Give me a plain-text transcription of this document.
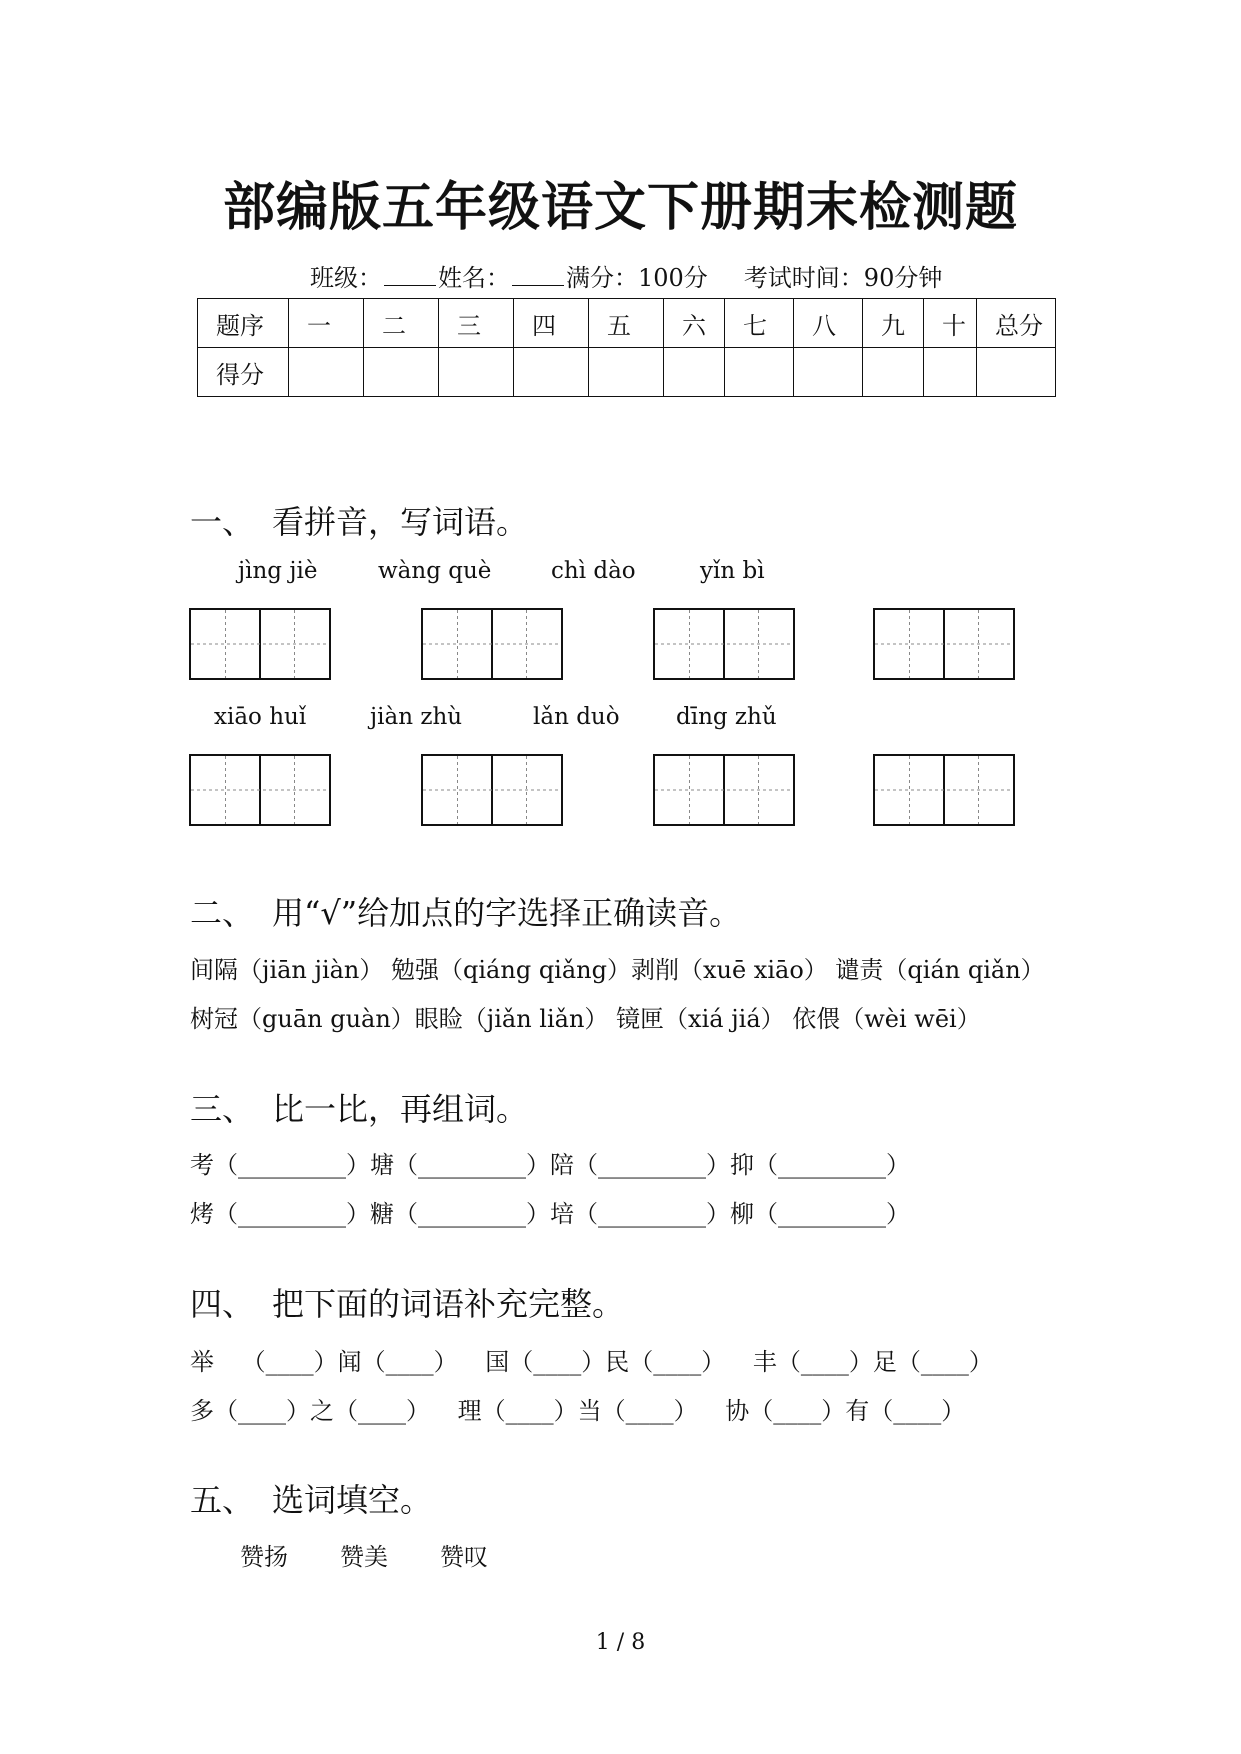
部编版五年级语文下册期末检测题
班级： 姓名： 满分：100分 考试时间：90分钟
题序	一	二	三	四	五	六	七	八	九	十	总分
得分											
一、 看拼音，写词语。
jìng jiè	wàng què	chì dào	yǐn bì
xiāo huǐ	jiàn zhù	lǎn duò dīng zhǔ
二、 用“√”给加点的字选择正确读音。
间隔（jiān jiàn） 勉强（qiáng qiǎng）剥削（xuē xiāo） 谴责（qián qiǎn）
树冠（guān guàn）眼睑（jiǎn liǎn） 镜匣（xiá jiá） 依偎（wèi wēi）
三、 比一比，再组词。
考（_________）塘（_________）陪（_________）抑（_________）
烤（_________）糖（_________）培（_________）柳（_________）
四、 把下面的词语补充完整。
举 （____）闻（____） 国（____）民（____） 丰（____）足（____）
多（____）之（____） 理（____）当（____） 协（____）有（____）
五、 选词填空。
赞扬 赞美 赞叹
1 / 8
